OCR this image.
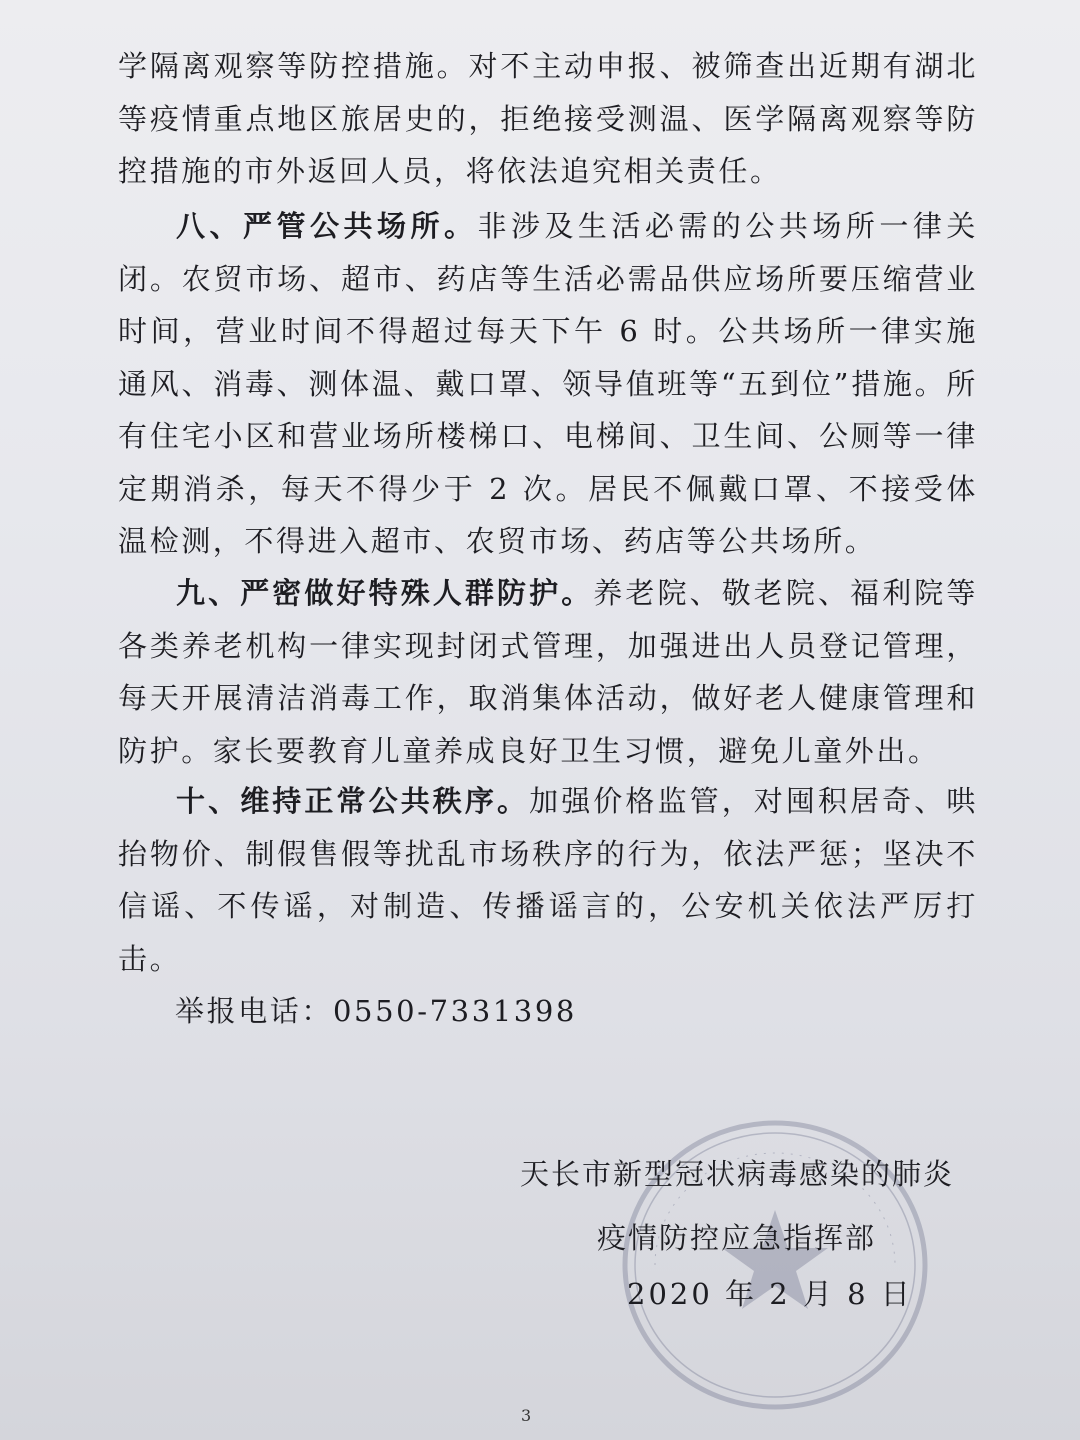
学隔离观察等防控措施。对不主动申报、被筛查出近期有湖北等疫情重点地区旅居史的，拒绝接受测温、医学隔离观察等防控措施的市外返回人员，将依法追究相关责任。

八、严管公共场所。非涉及生活必需的公共场所一律关闭。农贸市场、超市、药店等生活必需品供应场所要压缩营业时间，营业时间不得超过每天下午 6 时。公共场所一律实施通风、消毒、测体温、戴口罩、领导值班等“五到位”措施。所有住宅小区和营业场所楼梯口、电梯间、卫生间、公厕等一律定期消杀，每天不得少于 2 次。居民不佩戴口罩、不接受体温检测，不得进入超市、农贸市场、药店等公共场所。

九、严密做好特殊人群防护。养老院、敬老院、福利院等各类养老机构一律实现封闭式管理，加强进出人员登记管理，每天开展清洁消毒工作，取消集体活动，做好老人健康管理和防护。家长要教育儿童养成良好卫生习惯，避免儿童外出。

十、维持正常公共秩序。加强价格监管，对囤积居奇、哄抬物价、制假售假等扰乱市场秩序的行为，依法严惩；坚决不信谣、不传谣，对制造、传播谣言的，公安机关依法严厉打击。

举报电话：0550-7331398

天长市新型冠状病毒感染的肺炎
疫情防控应急指挥部
2020 年 2 月 8 日
3
